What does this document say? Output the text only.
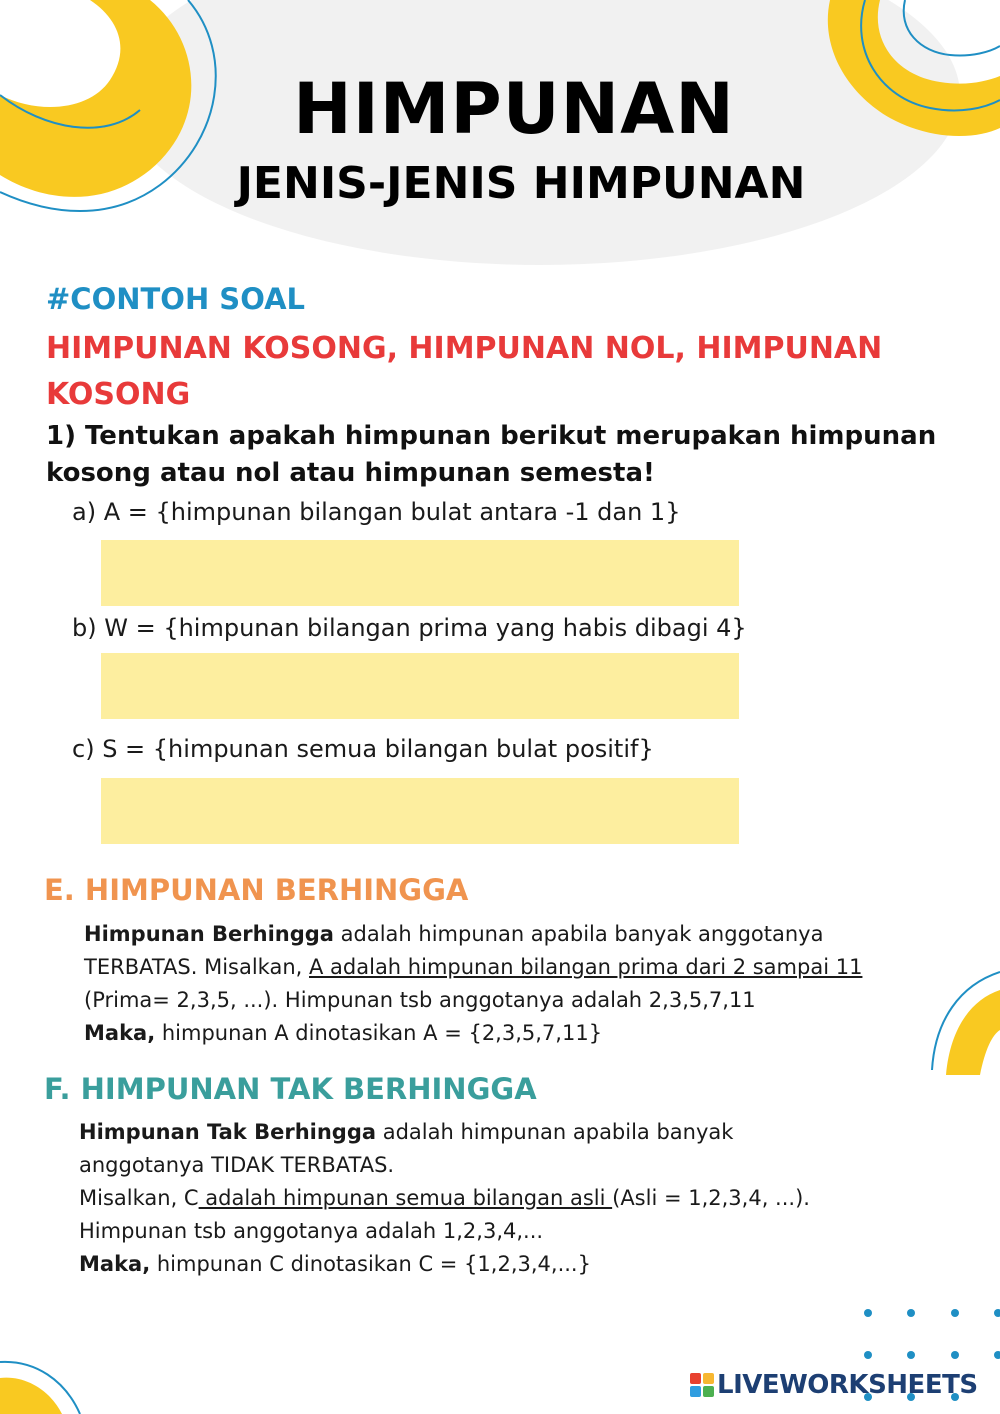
HIMPUNAN
JENIS-JENIS HIMPUNAN
#CONTOH SOAL
HIMPUNAN KOSONG, HIMPUNAN NOL, HIMPUNAN KOSONG
1) Tentukan apakah himpunan berikut merupakan himpunan kosong atau nol atau himpunan semesta!
a) A = {himpunan bilangan bulat antara -1 dan 1}
b) W = {himpunan bilangan prima yang habis dibagi 4}
c) S = {himpunan semua bilangan bulat positif}
E. HIMPUNAN BERHINGGA
Himpunan Berhingga adalah himpunan apabila banyak anggotanya
TERBATAS. Misalkan, A adalah himpunan bilangan prima dari 2 sampai 11
(Prima= 2,3,5, ...). Himpunan tsb anggotanya adalah 2,3,5,7,11
Maka, himpunan A dinotasikan A = {2,3,5,7,11}
F. HIMPUNAN TAK BERHINGGA
Himpunan Tak Berhingga adalah himpunan apabila banyak
anggotanya TIDAK TERBATAS.
Misalkan, C adalah himpunan semua bilangan asli (Asli = 1,2,3,4, ...).
Himpunan tsb anggotanya adalah 1,2,3,4,...
Maka, himpunan C dinotasikan C = {1,2,3,4,...}
LIVEWORKSHEETS
